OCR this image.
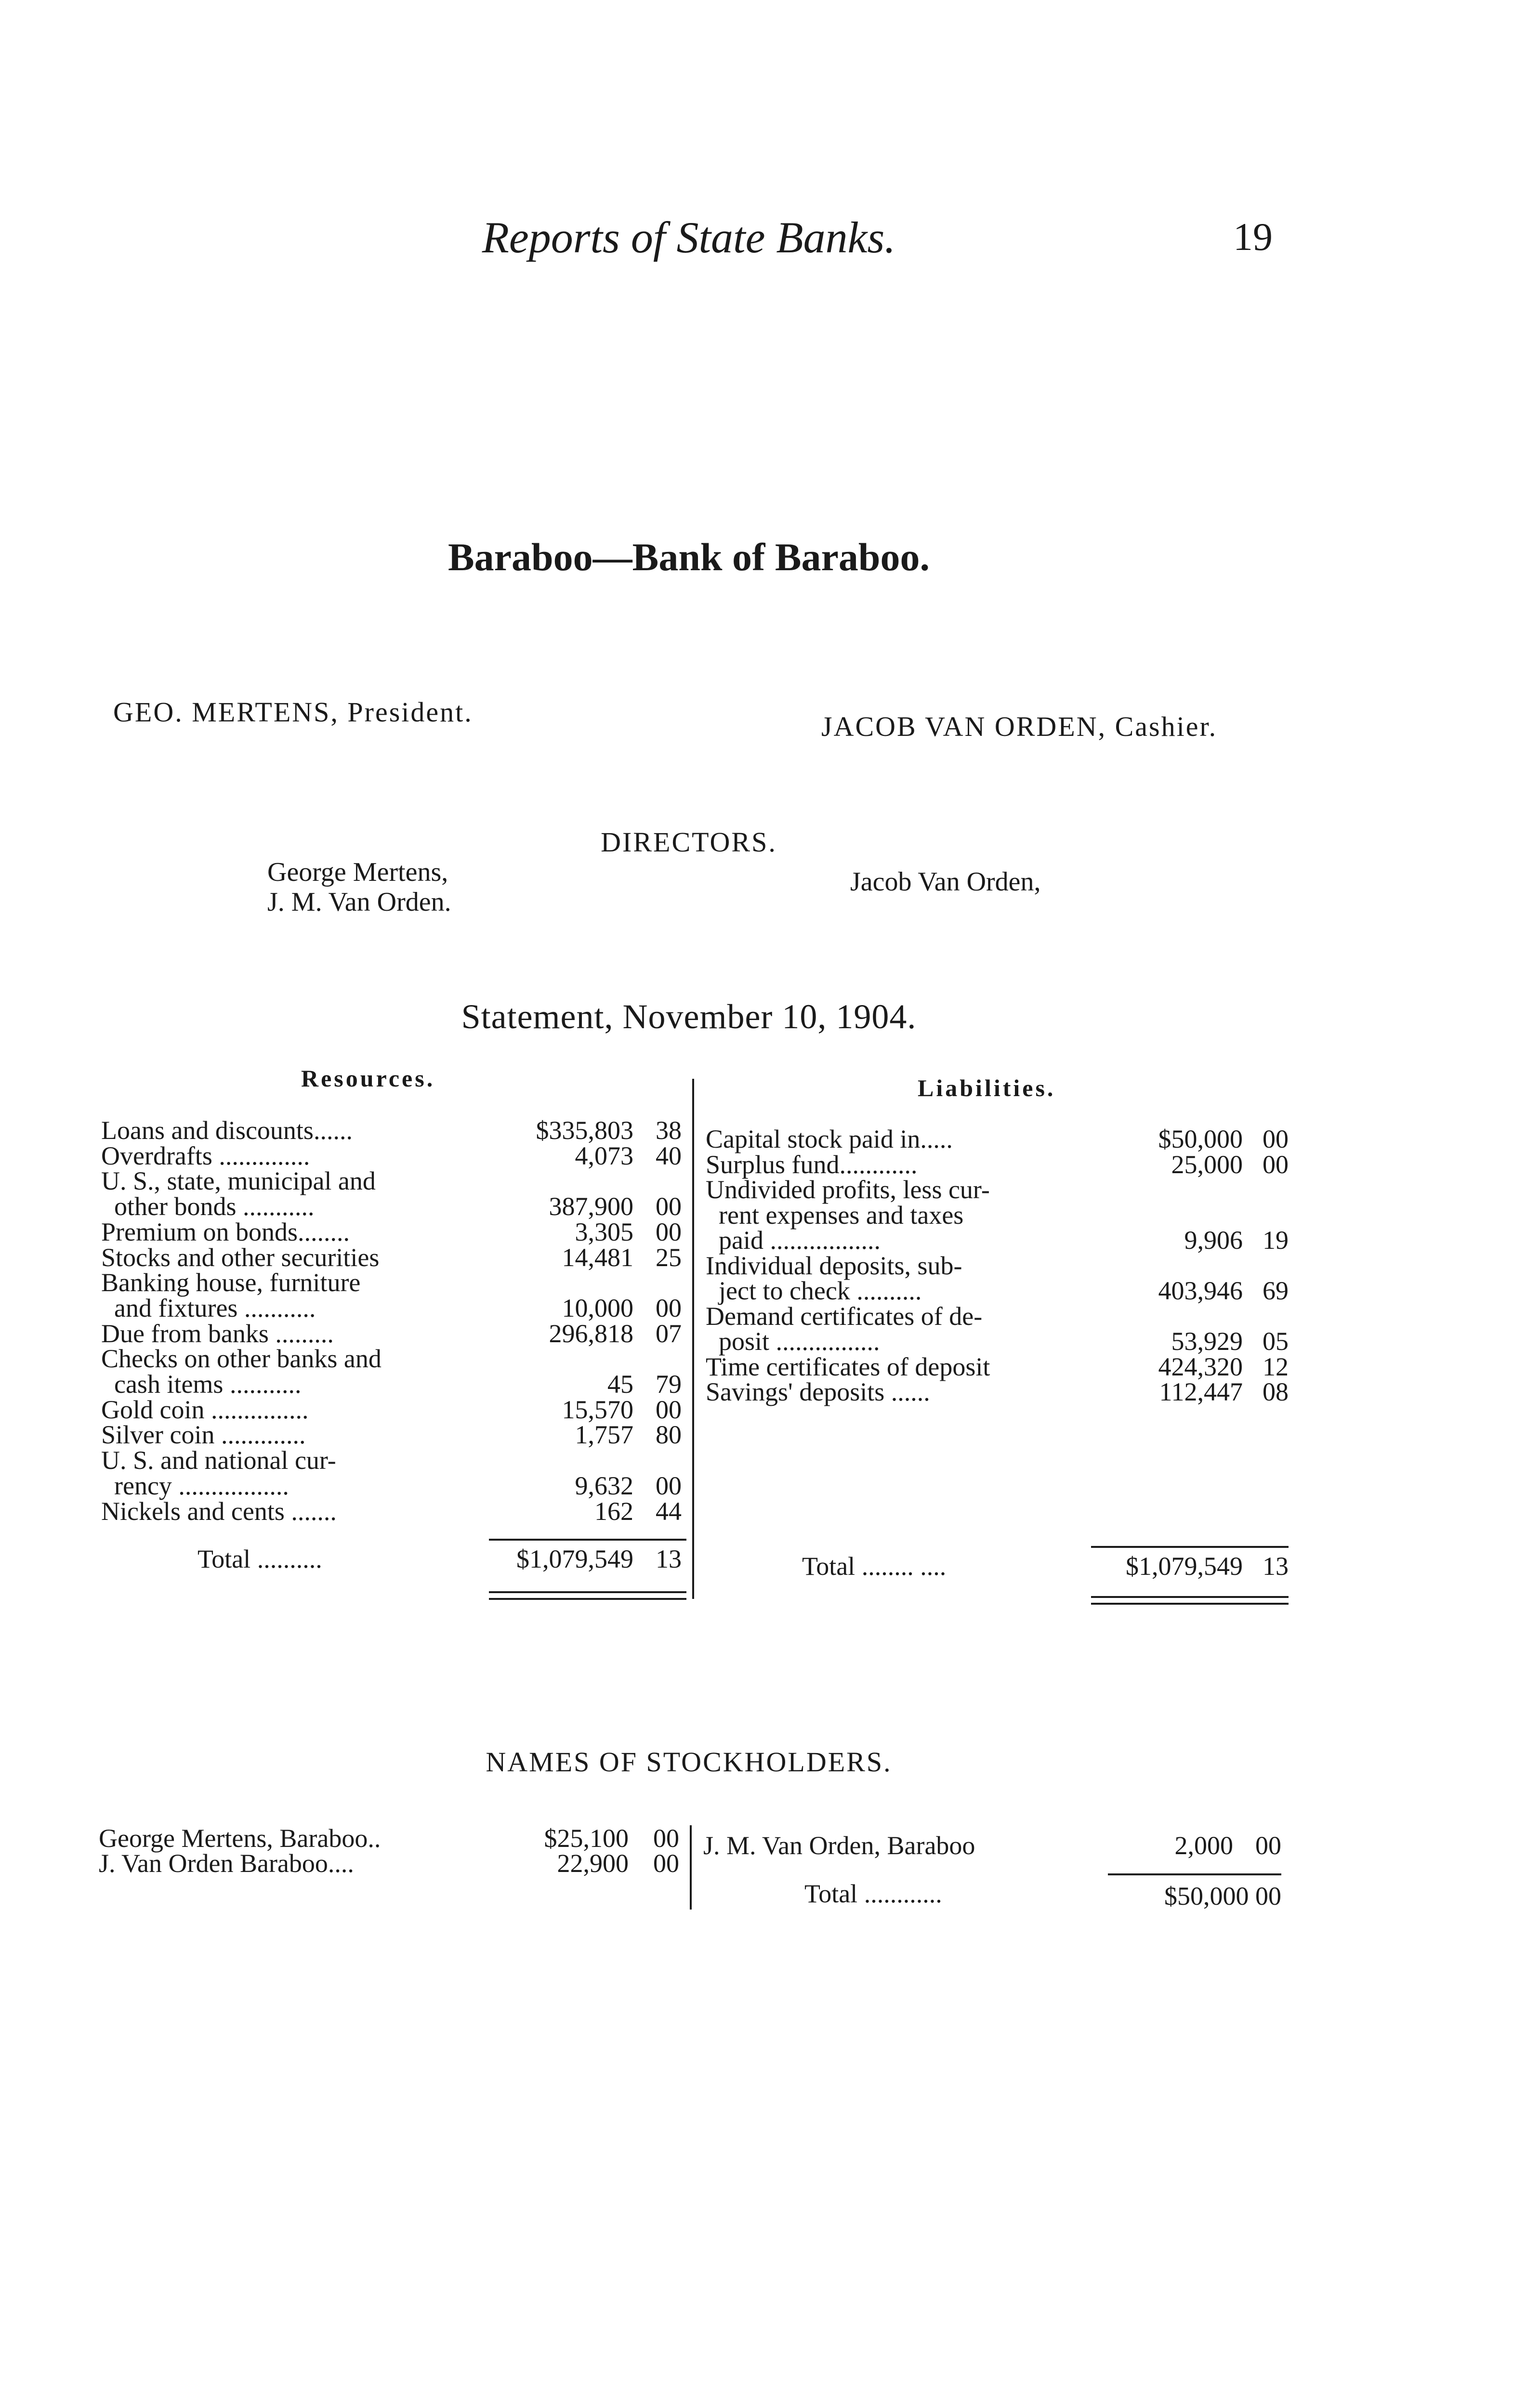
Reports of State Banks.	19
Baraboo—Bank of Baraboo.
GEO. MERTENS, President.	JACOB VAN ORDEN, Cashier.
DIRECTORS.
George Mertens,
J. M. Van Orden.
Jacob Van Orden,
Statement, November 10, 1904.
Resources.	Liabilities.
Loans and discounts......	$335,803 38
Overdrafts ..............	4,073 40
U. S., state, municipal and
other bonds ...........	387,900 00
Premium on bonds........	3,305 00
Stocks and other securities	14,481 25
Banking house, furniture
and fixtures ...........	10,000 00
Due from banks .........	296,818 07
Checks on other banks and
cash items ...........	45 79
Gold coin ...............	15,570 00
Silver coin .............	1,757 80
U. S. and national cur-
rency .................	9,632 00
Nickels and cents .......	162 44
Total ..........	$1,079,549 13
Capital stock paid in.....	$50,000 00
Surplus fund............	25,000 00
Undivided profits, less cur-
rent expenses and taxes
paid .................	9,906 19
Individual deposits, sub-
ject to check ..........	403,946 69
Demand certificates of de-
posit ................	53,929 05
Time certificates of deposit	424,320 12
Savings' deposits ......	112,447 08
Total ........ ....	$1,079,549 13
NAMES OF STOCKHOLDERS.
George Mertens, Baraboo..	$25,100 00
J. Van Orden Baraboo....	22,900 00
J. M. Van Orden, Baraboo	2,000 00
Total ............	$50,000 00
